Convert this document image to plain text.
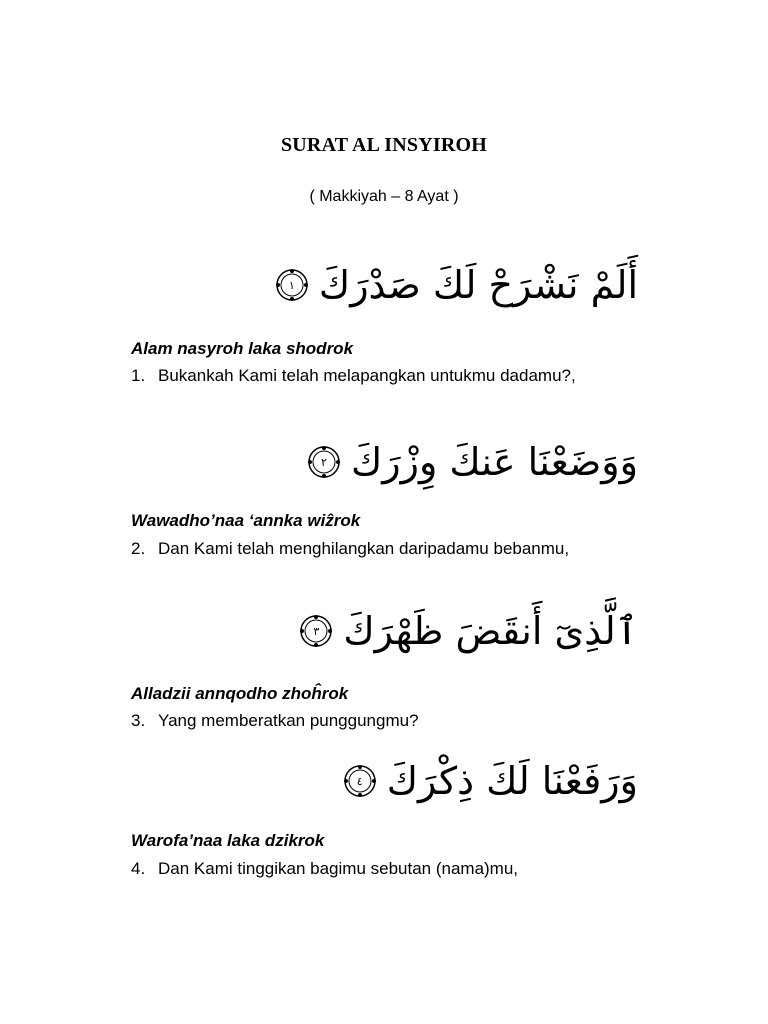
SURAT AL INSYIROH
( Makkiyah – 8 Ayat )
أَلَمْ نَشْرَحْ لَكَ صَدْرَكَ
١
Alam nasyroh laka shodrok
1. Bukankah Kami telah melapangkan untukmu dadamu?,
وَوَضَعْنَا عَنكَ وِزْرَكَ
٢
Wawadho’naa ‘annka wiẑrok
2. Dan Kami telah menghilangkan daripadamu bebanmu,
ٱلَّذِىٓ أَنقَضَ ظَهْرَكَ
٣
Alladzii annqodho zhoĥrok
3. Yang memberatkan punggungmu?
وَرَفَعْنَا لَكَ ذِكْرَكَ
٤
Warofa’naa laka dzikrok
4. Dan Kami tinggikan bagimu sebutan (nama)mu,
